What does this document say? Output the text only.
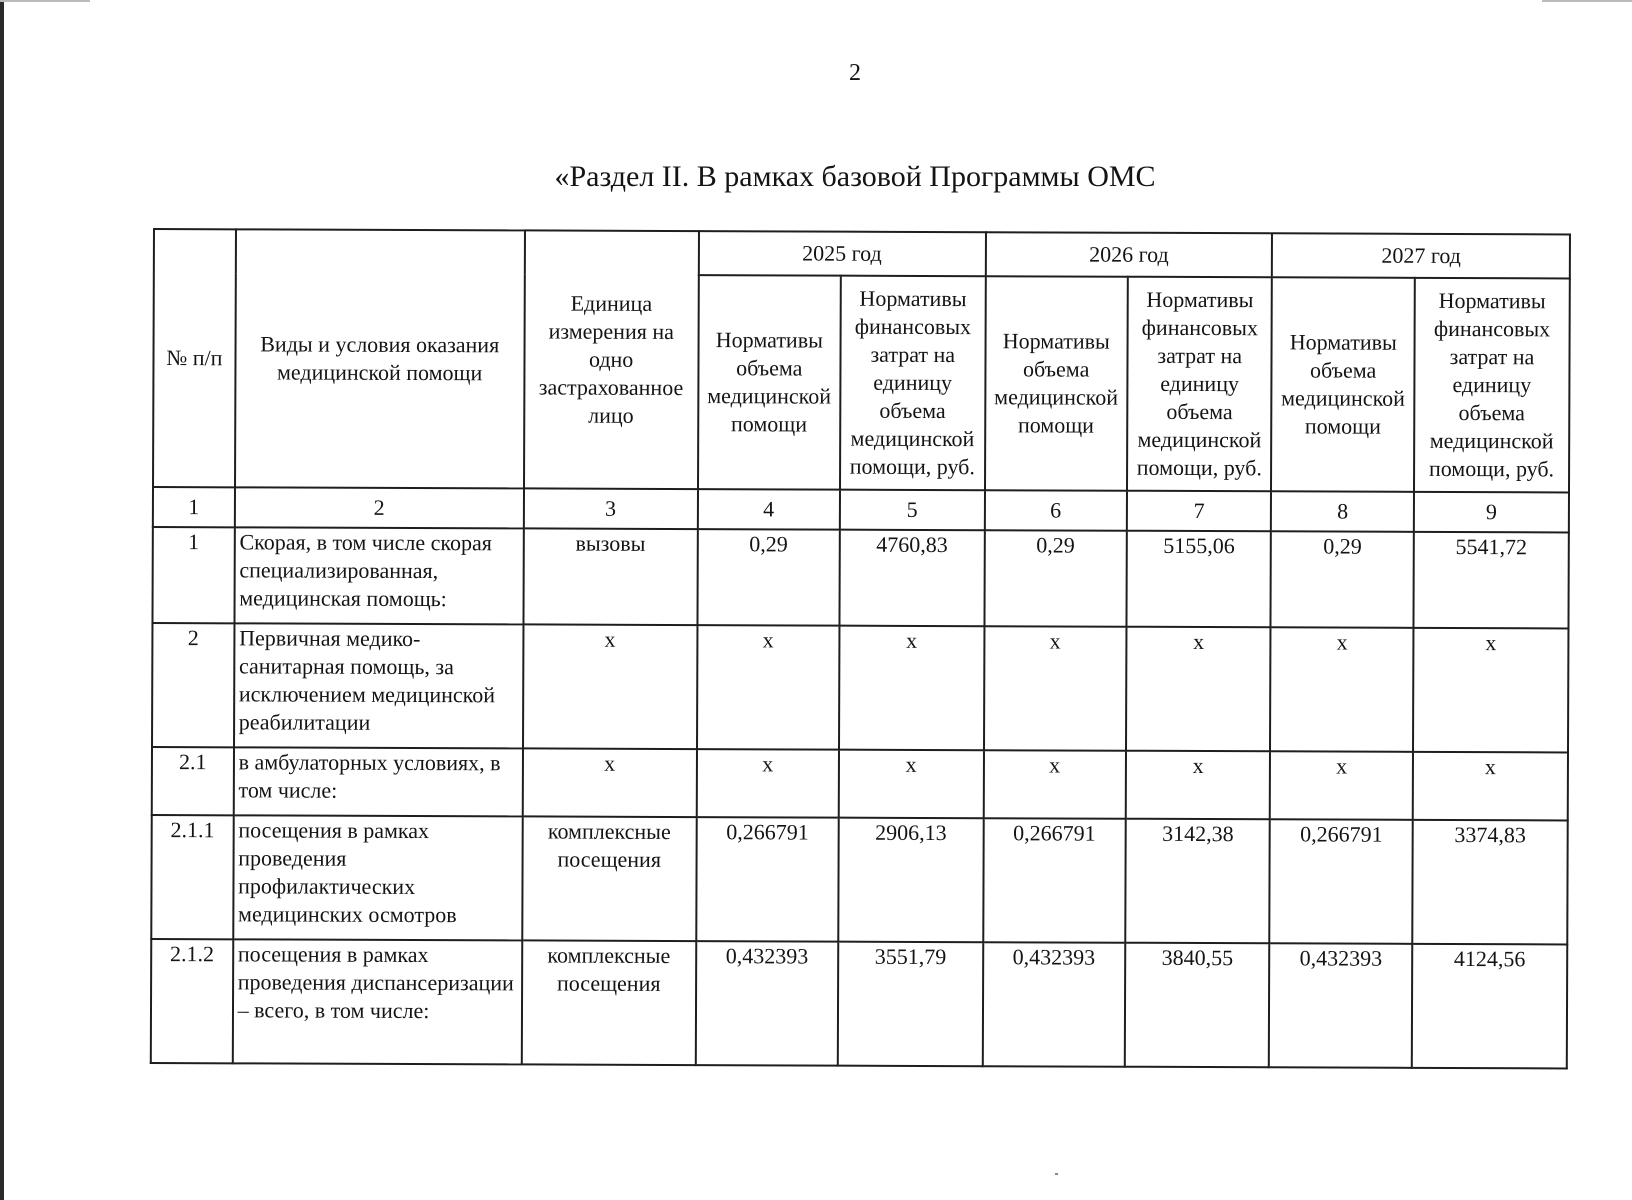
2
«Раздел II. В рамках базовой Программы ОМС
№ п/п	Виды и условия оказания медицинской помощи	Единица измерения на одно застрахованное лицо	2025 год		2026 год		2027 год	
			Нормативы объема медицинской помощи	Нормативы финансовых затрат на единицу объема медицинской помощи, руб.	Нормативы объема медицинской помощи	Нормативы финансовых затрат на единицу объема медицинской помощи, руб.	Нормативы объема медицинской помощи	Нормативы финансовых затрат на единицу объема медицинской помощи, руб.
1	2	3	4	5	6	7	8	9
1	Скорая, в том числе скорая специализированная, медицинская помощь:	вызовы	0,29	4760,83	0,29	5155,06	0,29	5541,72
2	Первичная медико-санитарная помощь, за исключением медицинской реабилитации	х	х	х	х	х	х	х
2.1	в амбулаторных условиях, в том числе:	х	х	х	х	х	х	х
2.1.1	посещения в рамках проведения профилактических медицинских осмотров	комплексные посещения	0,266791	2906,13	0,266791	3142,38	0,266791	3374,83
2.1.2	посещения в рамках проведения диспансеризации – всего, в том числе:	комплексные посещения	0,432393	3551,79	0,432393	3840,55	0,432393	4124,56
